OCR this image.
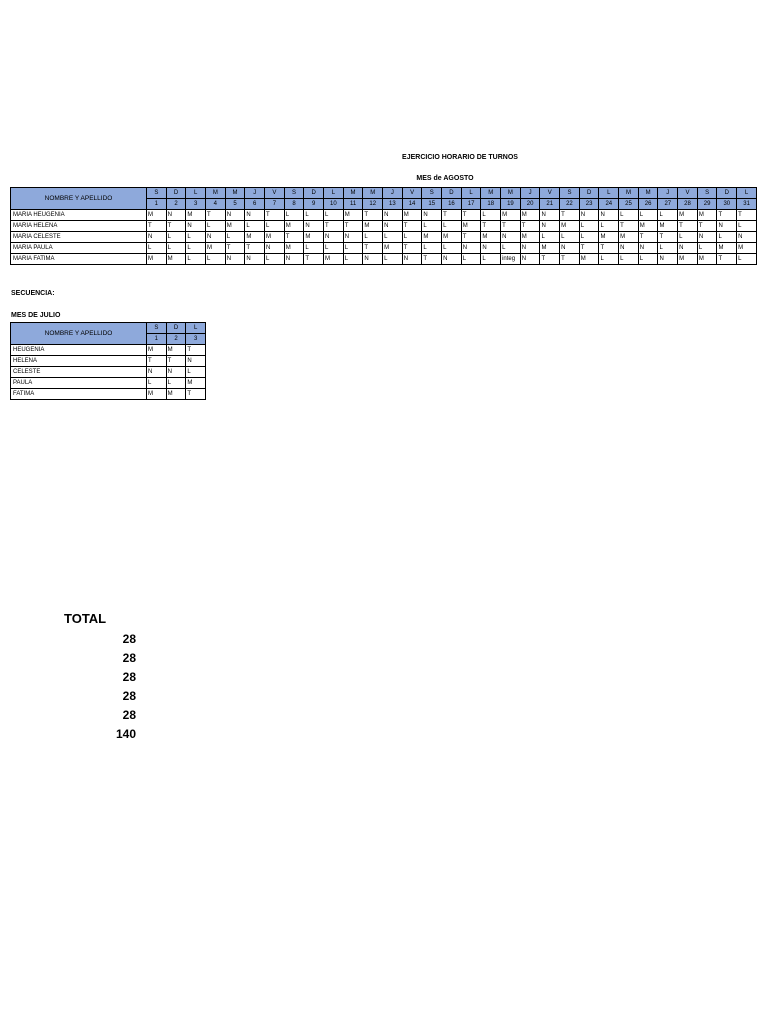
EJERCICIO HORARIO DE TURNOS
MES de AGOSTO
NOMBRE Y APELLIDO	S	D	L	M	M	J	V	S	D	L	M	M	J	V	S	D	L	M	M	J	V	S	D	L	M	M	J	V	S	D	L
	1	2	3	4	5	6	7	8	9	10	11	12	13	14	15	16	17	18	19	20	21	22	23	24	25	26	27	28	29	30	31
MARIA HEUGENIA	M	N	M	T	N	N	T	L	L	L	M	T	N	M	N	T	T	L	M	M	N	T	N	N	L	L	L	M	M	T	T
MARIA HELENA	T	T	N	L	M	L	L	M	N	T	T	M	N	T	L	L	M	T	T	T	N	M	L	L	T	M	M	T	T	N	L
MARIA CELESTE	N	L	L	N	L	M	M	T	M	N	N	L	L	L	M	M	T	M	N	M	L	L	L	M	M	T	T	L	N	L	N
MARIA PAULA	L	L	L	M	T	T	N	M	L	L	L	T	M	T	L	L	N	N	L	N	M	N	T	T	N	N	L	N	L	M	M
MARIA FATIMA	M	M	L	L	N	N	L	N	T	M	L	N	L	N	T	N	L	L	integ	N	T	T	M	L	L	L	N	M	M	T	L
SECUENCIA:
MES DE JULIO
NOMBRE Y APELLIDO	S	D	L
	1	2	3
HEUGENIA	M	M	T
HELENA	T	T	N
CELESTE	N	N	L
PAULA	L	L	M
FATIMA	M	M	T
TOTAL
28
28
28
28
28
140
